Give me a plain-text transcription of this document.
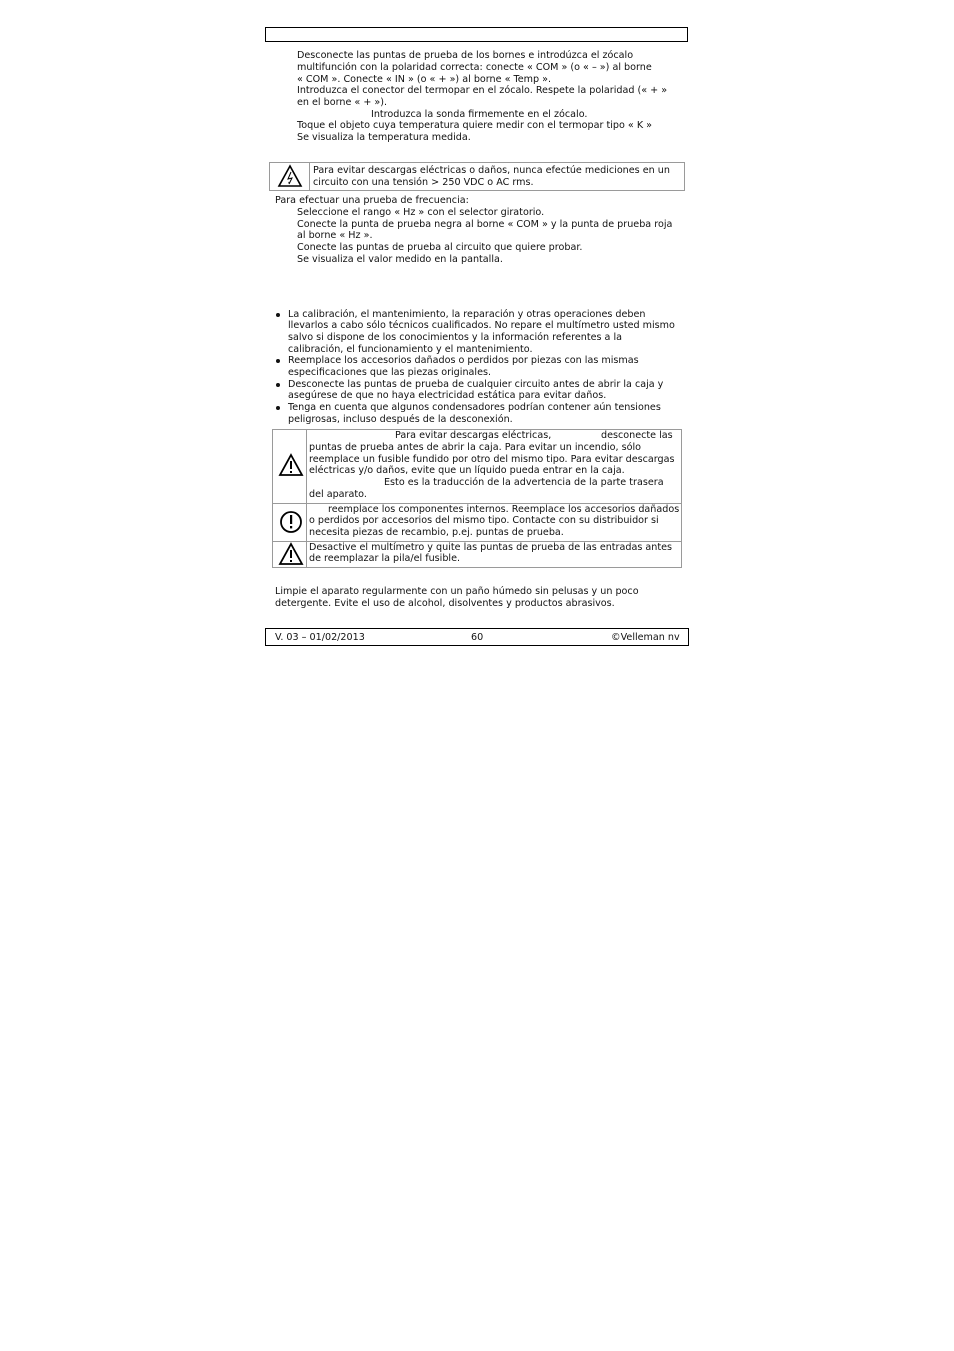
Desconecte las puntas de prueba de los bornes e introdúzca el zócalo
multifunción con la polaridad correcta: conecte « COM » (o « – ») al borne
« COM ». Conecte « IN » (o « + ») al borne « Temp ».
Introduzca el conector del termopar en el zócalo. Respete la polaridad (« + »
en el borne « + »).
Introduzca la sonda firmemente en el zócalo.
Toque el objeto cuya temperatura quiere medir con el termopar tipo « K »
Se visualiza la temperatura medida.
Para evitar descargas eléctricas o daños, nunca efectúe mediciones en un
circuito con una tensión > 250 VDC o AC rms.
Para efectuar una prueba de frecuencia:
Seleccione el rango « Hz » con el selector giratorio.
Conecte la punta de prueba negra al borne « COM » y la punta de prueba roja
al borne « Hz ».
Conecte las puntas de prueba al circuito que quiere probar.
Se visualiza el valor medido en la pantalla.
La calibración, el mantenimiento, la reparación y otras operaciones deben
llevarlos a cabo sólo técnicos cualificados. No repare el multímetro usted mismo
salvo si dispone de los conocimientos y la información referentes a la
calibración, el funcionamiento y el mantenimiento.
Reemplace los accesorios dañados o perdidos por piezas con las mismas
especificaciones que las piezas originales.
Desconecte las puntas de prueba de cualquier circuito antes de abrir la caja y
asegúrese de que no haya electricidad estática para evitar daños.
Tenga en cuenta que algunos condensadores podrían contener aún tensiones
peligrosas, incluso después de la desconexión.
Para evitar descargas eléctricas,	desconecte las
puntas de prueba antes de abrir la caja. Para evitar un incendio, sólo
reemplace un fusible fundido por otro del mismo tipo. Para evitar descargas
eléctricas y/o daños, evite que un líquido pueda entrar en la caja.
Esto es la traducción de la advertencia de la parte trasera
del aparato.
reemplace los componentes internos. Reemplace los accesorios dañados
o perdidos por accesorios del mismo tipo. Contacte con su distribuidor si
necesita piezas de recambio, p.ej. puntas de prueba.
Desactive el multímetro y quite las puntas de prueba de las entradas antes
de reemplazar la pila/el fusible.
Limpie el aparato regularmente con un paño húmedo sin pelusas y un poco
detergente. Evite el uso de alcohol, disolventes y productos abrasivos.
V. 03 – 01/02/2013	60	©Velleman nv
